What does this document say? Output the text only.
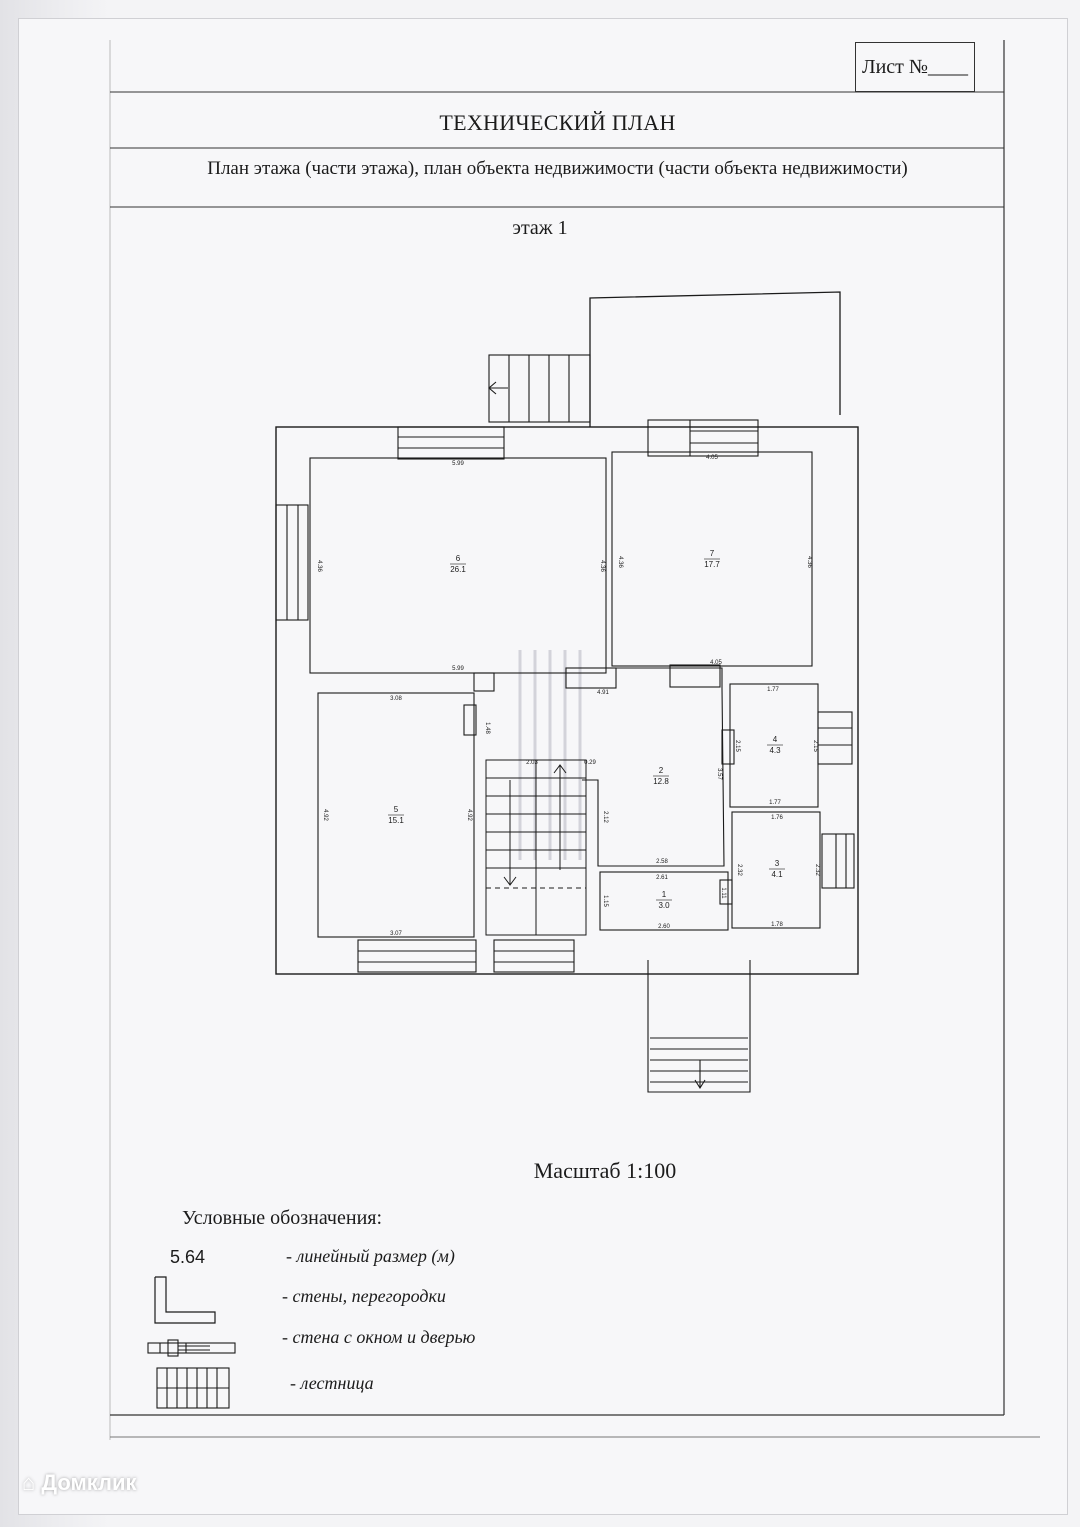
Лист №____
ТЕХНИЧЕСКИЙ ПЛАН
План этажа (части этажа), план объекта недвижимости (части объекта недвижимости)
этаж 1
6
26.1
5.99
5.99
4.36	4.36
7
17.7
4.05
4.05
4.36	4.36
5
15.1
3.08
3.07
4.92	4.92
2
12.8
4.91
2.58
2.12
3.57
4
4.3
1.77
1.77
2.15	2.15
3
4.1
1.76
1.78
2.32	2.32
1
3.0
2.61
2.60
1.15
1.11
2.03	0.29
1.48
Масштаб 1:100
Условные обозначения:
5.64	- линейный размер (м)
- стены, перегородки
- стена с окном и дверью
- лестница
⌂ Домклик
